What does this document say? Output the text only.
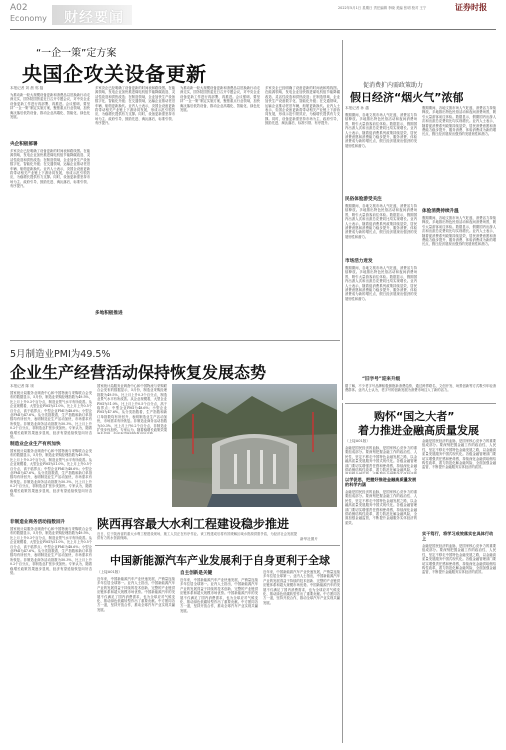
A02
Economy 财经要闻
2022年5月1日 星期日 责任编辑 李晓 美编 张明 校对 王宁	证券时报
“一企一策”定方案
央国企攻关设备更新
本报记者 刘 晨 郭 磊
为推动新一轮大规模设备更新和消费品以旧换新行动走深走实，国务院国资委近日召开专题会议，对中央企业设备更新工作进行再部署、再推进。会议强调，要坚持“一企一策”制定实施方案，聚焦重点行业领域，加快淘汰落后低效设备，推动企业高端化、智能化、绿色化发展。
央企积极部署
多家央企已经明确了设备更新的时间表和路线图。在能源领域，发电企业加快推进煤电机组节能降碳改造、灵活性改造和供热改造；在制造领域，企业加快生产设备数字化、智能化升级；在交通领域，运输企业推动老旧车辆、船舶更新换代。业内人士表示，央国企设备更新将带动相关产业链上下游协同发展，形成示范引领效应，为稳增长提供有力支撑。同时，设备更新需坚持市场为主、政府引导，鼓励先进、淘汰落后，标准引领、有序提升。
多家央企已经明确了设备更新的时间表和路线图。在能源领域，发电企业加快推进煤电机组节能降碳改造、灵活性改造和供热改造；在制造领域，企业加快生产设备数字化、智能化升级；在交通领域，运输企业推动老旧车辆、船舶更新换代。业内人士表示，央国企设备更新将带动相关产业链上下游协同发展，形成示范引领效应，为稳增长提供有力支撑。同时，设备更新需坚持市场为主、政府引导，鼓励先进、淘汰落后，标准引领、有序提升。
多地积极推进
为推动新一轮大规模设备更新和消费品以旧换新行动走深走实，国务院国资委近日召开专题会议，对中央企业设备更新工作进行再部署、再推进。会议强调，要坚持“一企一策”制定实施方案，聚焦重点行业领域，加快淘汰落后低效设备，推动企业高端化、智能化、绿色化发展。
多家央企已经明确了设备更新的时间表和路线图。在能源领域，发电企业加快推进煤电机组节能降碳改造、灵活性改造和供热改造；在制造领域，企业加快生产设备数字化、智能化升级；在交通领域，运输企业推动老旧车辆、船舶更新换代。业内人士表示，央国企设备更新将带动相关产业链上下游协同发展，形成示范引领效应，为稳增长提供有力支撑。同时，设备更新需坚持市场为主、政府引导，鼓励先进、淘汰落后，标准引领、有序提升。
促消费扩内需政策助力
假日经济“烟火气”浓郁
本报记者 孙 越
假期期间，各地文旅市场人气旺盛，消费活力持续释放。多地推出特色民俗活动和夜间消费场景，吸引大量游客前往体验。数据显示，假期国内出游人次和出游总花费同比均实现增长。业内人士表示，随着促消费系列政策持续显效，居民消费意愿和消费能力稳步提升，服务消费、体验消费成为新的增长点，假日经济展现出强劲的发展韧性和潜力。
民俗体验游受关注
假期期间，各地文旅市场人气旺盛，消费活力持续释放。多地推出特色民俗活动和夜间消费场景，吸引大量游客前往体验。数据显示，假期国内出游人次和出游总花费同比均实现增长。业内人士表示，随着促消费系列政策持续显效，居民消费意愿和消费能力稳步提升，服务消费、体验消费成为新的增长点，假日经济展现出强劲的发展韧性和潜力。
市场活力迸发
假期期间，各地文旅市场人气旺盛，消费活力持续释放。多地推出特色民俗活动和夜间消费场景，吸引大量游客前往体验。数据显示，假期国内出游人次和出游总花费同比均实现增长。业内人士表示，随着促消费系列政策持续显效，居民消费意愿和消费能力稳步提升，服务消费、体验消费成为新的增长点，假日经济展现出强劲的发展韧性和潜力。
假期期间，各地文旅市场人气旺盛，消费活力持续释放。多地推出特色民俗活动和夜间消费场景，吸引大量游客前往体验。数据显示，假期国内出游人次和出游总花费同比均实现增长。业内人士表示，随着促消费系列政策持续显效，居民消费意愿和消费能力稳步提升，服务消费、体验消费成为新的增长点，假日经济展现出强劲的发展韧性和潜力。
体验消费持续升温
假期期间，各地文旅市场人气旺盛，消费活力持续释放。多地推出特色民俗活动和夜间消费场景，吸引大量游客前往体验。数据显示，假期国内出游人次和出游总花费同比均实现增长。业内人士表示，随着促消费系列政策持续显效，居民消费意愿和消费能力稳步提升，服务消费、体验消费成为新的增长点，假日经济展现出强劲的发展韧性和潜力。
“旧字号”迎来升级
据了解，不少老字号品牌积极拥抱新消费趋势，通过跨界联名、文创开发、场景创新等方式吸引年轻消费群体。业内人士认为，老字号的创新发展为消费市场注入了新的活力。
5月制造业PMI为49.5%
企业生产经营活动保持恢复发展态势
本报记者 陈 颂
国家统计局服务业调查中心和中国物流与采购联合会发布的数据显示，5月份，制造业采购经理指数为49.5%，比上月上升0.3个百分点，制造业景气水平有所改善。从企业规模看，大型企业PMI为51.0%，比上月上升0.5个百分点，高于临界点；中型企业PMI为48.6%；小型企业PMI为47.6%。从分类指数看，生产指数和新订单指数均有所回升，表明制造业生产活动加快，市场需求有所恢复。非制造业商务活动指数为50.3%，比上月上升0.2个百分点，非制造业扩张步伐加快。专家认为，随着稳增长政策效果逐步显现，经济有望延续恢复向好态势。
制造业企业生产有所加快
国家统计局服务业调查中心和中国物流与采购联合会发布的数据显示，5月份，制造业采购经理指数为49.5%，比上月上升0.3个百分点，制造业景气水平有所改善。从企业规模看，大型企业PMI为51.0%，比上月上升0.5个百分点，高于临界点；中型企业PMI为48.6%；小型企业PMI为47.6%。从分类指数看，生产指数和新订单指数均有所回升，表明制造业生产活动加快，市场需求有所恢复。非制造业商务活动指数为50.3%，比上月上升0.2个百分点，非制造业扩张步伐加快。专家认为，随着稳增长政策效果逐步显现，经济有望延续恢复向好态势。
非制造业商务活动指数回升
国家统计局服务业调查中心和中国物流与采购联合会发布的数据显示，5月份，制造业采购经理指数为49.5%，比上月上升0.3个百分点，制造业景气水平有所改善。从企业规模看，大型企业PMI为51.0%，比上月上升0.5个百分点，高于临界点；中型企业PMI为48.6%；小型企业PMI为47.6%。从分类指数看，生产指数和新订单指数均有所回升，表明制造业生产活动加快，市场需求有所恢复。非制造业商务活动指数为50.3%，比上月上升0.2个百分点，非制造业扩张步伐加快。专家认为，随着稳增长政策效果逐步显现，经济有望延续恢复向好态势。
国家统计局服务业调查中心和中国物流与采购联合会发布的数据显示，5月份，制造业采购经理指数为49.5%，比上月上升0.3个百分点，制造业景气水平有所改善。从企业规模看，大型企业PMI为51.0%，比上月上升0.5个百分点，高于临界点；中型企业PMI为48.6%；小型企业PMI为47.6%。从分类指数看，生产指数和新订单指数均有所回升，表明制造业生产活动加快，市场需求有所恢复。非制造业商务活动指数为50.3%，比上月上升0.2个百分点，非制造业扩张步伐加快。专家认为，随着稳增长政策效果
陕西再容最大水利工程建设稳步推进
近日，位于陕西省的重大水利工程建设现场，施工人员正在有序作业。该工程建成后将有效缓解区域水资源供需矛盾，为经济社会发展提供有力的水资源保障。	新华社图片
购怀“国之大者”
着力推进金融高质量发展
（上接A01版）
金融是国民经济的血脉，是国家核心竞争力的重要组成部分。要深刻把握金融工作的政治性、人民性，坚定不移走中国特色金融发展之路，以金融高质量发展服务中国式现代化。各级金融管理部门要切实增强责任感和使命感，持续深化金融供给侧结构性改革，着力防范化解金融风险，全
以学促思，把握好推进金融高质量发展的科学内涵
金融是国民经济的血脉，是国家核心竞争力的重要组成部分。要深刻把握金融工作的政治性、人民性，坚定不移走中国特色金融发展之路，以金融高质量发展服务中国式现代化。各级金融管理部门要切实增强责任感和使命感，持续深化金融供给侧结构性改革，着力防范化解金融风险，全面加强金融监管，不断提升金融服务实体经济的质效。
金融是国民经济的血脉，是国家核心竞争力的重要组成部分。要深刻把握金融工作的政治性、人民性，坚定不移走中国特色金融发展之路，以金融高质量发展服务中国式现代化。各级金融管理部门要切实增强责任感和使命感，持续深化金融供给侧结构性改革，着力防范化解金融风险，全面加强金融监管，不断提升金融服务实体经济的质效。
实干笃行，将学习成效落实在具体行动上
金融是国民经济的血脉，是国家核心竞争力的重要组成部分。要深刻把握金融工作的政治性、人民性，坚定不移走中国特色金融发展之路，以金融高质量发展服务中国式现代化。各级金融管理部门要切实增强责任感和使命感，持续深化金融供给侧结构性改革，着力防范化解金融风险，全面加强金融监管，不断提升金融服务实体经济的质效。
中国新能源汽车产业发展利于自身更利于全球
（上接A01版）
近年来，中国新能源汽车产业快速发展，产销量连续多年位居全球第一。业内人士指出，中国新能源汽车产业的发展得益于持续的技术创新、完整的产业链供应链体系和超大规模市场优势。中国新能源汽车的发展不仅满足了国内消费需求，也为全球应对气候变化、推动绿色低碳转型作出了重要贡献。中方愿同各方一道，坚持开放合作，推动全球汽车产业实现共赢发展。
自主创新是关键
近年来，中国新能源汽车产业快速发展，产销量连续多年位居全球第一。业内人士指出，中国新能源汽车产业的发展得益于持续的技术创新、完整的产业链供应链体系和超大规模市场优势。中国新能源汽车的发展不仅满足了国内消费需求，也为全球应对气候变化、推动绿色低碳转型作出了重要贡献。中方愿同各方一道，坚持开放合作，推动全球汽车产业实现共赢发展。
近年来，中国新能源汽车产业快速发展，产销量连续多年位居全球第一。业内人士指出，中国新能源汽车产业的发展得益于持续的技术创新、完整的产业链供应链体系和超大规模市场优势。中国新能源汽车的发展不仅满足了国内消费需求，也为全球应对气候变化、推动绿色低碳转型作出了重要贡献。中方愿同各方一道，坚持开放合作，推动全球汽车产业实现共赢发展。
